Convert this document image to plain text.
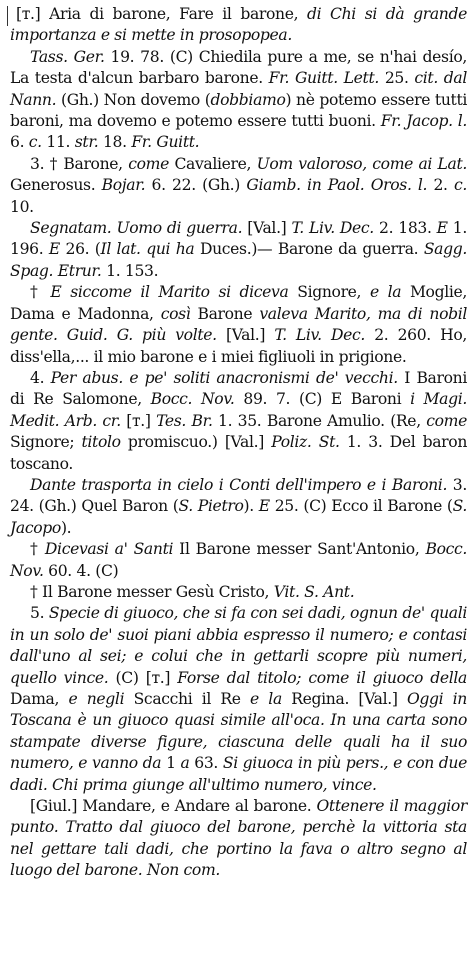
[ᴛ.] Aria di barone, Fare il barone, di Chi si dà grande importanza e si mette in prosopopea.

Tass. Ger. 19. 78. (C) Chiedila pure a me, se n'hai desío, La testa d'alcun barbaro barone. Fr. Guitt. Lett. 25. cit. dal Nann. (Gh.) Non dovemo (dobbiamo) nè potemo essere tutti baroni, ma dovemo e potemo essere tutti buoni. Fr. Jacop. l. 6. c. 11. str. 18. Fr. Guitt.

3. † Barone, come Cavaliere, Uom valoroso, come ai Lat. Generosus. Bojar. 6. 22. (Gh.) Giamb. in Paol. Oros. l. 2. c. 10.

Segnatam. Uomo di guerra. [Val.] T. Liv. Dec. 2. 183. E 1. 196. E 26. (Il lat. qui ha Duces.)— Barone da guerra. Sagg. Spag. Etrur. 1. 153.

† E siccome il Marito si diceva Signore, e la Moglie, Dama e Madonna, così Barone valeva Marito, ma di nobil gente. Guid. G. più volte. [Val.] T. Liv. Dec. 2. 260. Ho, diss'ella,... il mio barone e i miei figliuoli in prigione.

4. Per abus. e pe' soliti anacronismi de' vecchi. I Baroni di Re Salomone, Bocc. Nov. 89. 7. (C) E Baroni i Magi. Medit. Arb. cr. [ᴛ.] Tes. Br. 1. 35. Barone Amulio. (Re, come Signore; titolo promiscuo.) [Val.] Poliz. St. 1. 3. Del baron toscano.

Dante trasporta in cielo i Conti dell'impero e i Baroni. 3. 24. (Gh.) Quel Baron (S. Pietro). E 25. (C) Ecco il Barone (S. Jacopo).

† Dicevasi a' Santi Il Barone messer Sant'Antonio, Bocc. Nov. 60. 4. (C)

† Il Barone messer Gesù Cristo, Vit. S. Ant.

5. Specie di giuoco, che si fa con sei dadi, ognun de' quali in un solo de' suoi piani abbia espresso il numero; e contasi dall'uno al sei; e colui che in gettarli scopre più numeri, quello vince. (C) [ᴛ.] Forse dal titolo; come il giuoco della Dama, e negli Scacchi il Re e la Regina. [Val.] Oggi in Toscana è un giuoco quasi simile all'oca. In una carta sono stampate diverse figure, ciascuna delle quali ha il suo numero, e vanno da 1 a 63. Si giuoca in più pers., e con due dadi. Chi prima giunge all'ultimo numero, vince.

[Giul.] Mandare, e Andare al barone. Ottenere il maggior punto. Tratto dal giuoco del barone, perchè la vittoria sta nel gettare tali dadi, che portino la fava o altro segno al luogo del barone. Non com.
